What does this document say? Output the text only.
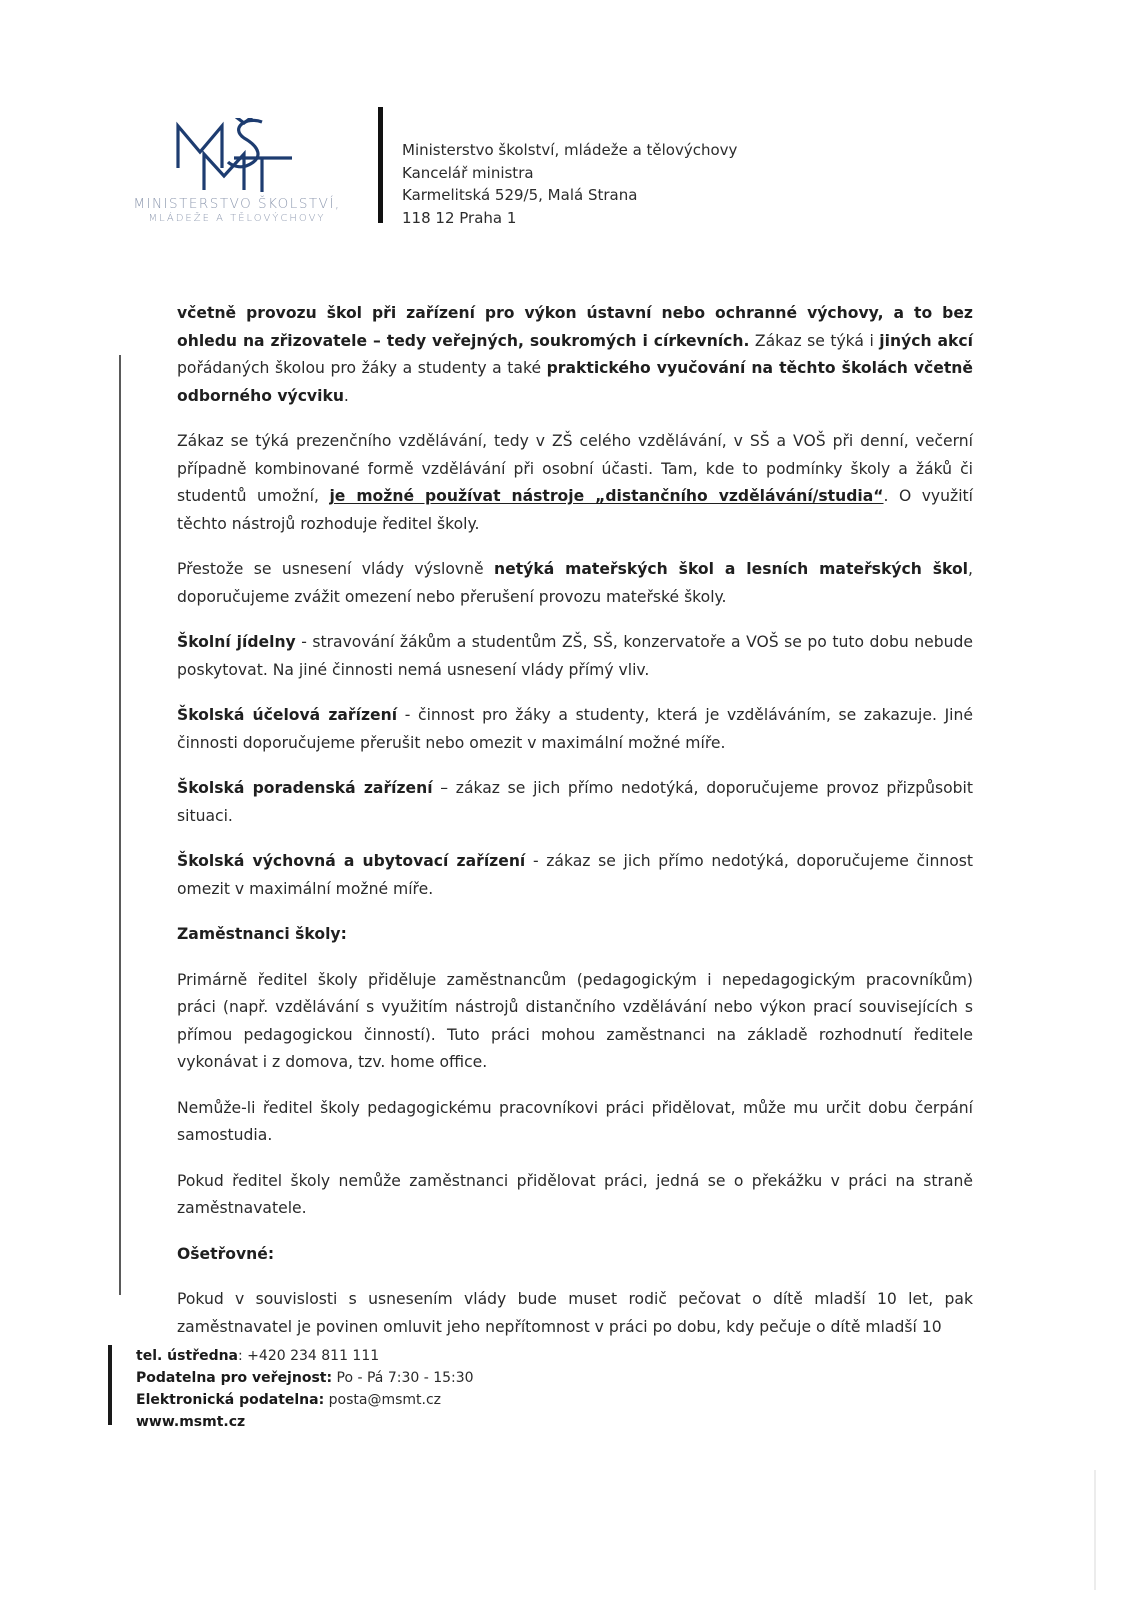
MINISTERSTVO ŠKOLSTVÍ,
MLÁDEŽE A TĚLOVÝCHOVY
Ministerstvo školství, mládeže a tělovýchovy
Kancelář ministra
Karmelitská 529/5, Malá Strana
118 12 Praha 1

včetně provozu škol při zařízení pro výkon ústavní nebo ochranné výchovy, a to bez ohledu na zřizovatele – tedy veřejných, soukromých i církevních. Zákaz se týká i jiných akcí pořádaných školou pro žáky a studenty a také praktického vyučování na těchto školách včetně odborného výcviku.

Zákaz se týká prezenčního vzdělávání, tedy v ZŠ celého vzdělávání, v SŠ a VOŠ při denní, večerní případně kombinované formě vzdělávání při osobní účasti. Tam, kde to podmínky školy a žáků či studentů umožní, je možné používat nástroje „distančního vzdělávání/studia“. O využití těchto nástrojů rozhoduje ředitel školy.

Přestože se usnesení vlády výslovně netýká mateřských škol a lesních mateřských škol, doporučujeme zvážit omezení nebo přerušení provozu mateřské školy.

Školní jídelny - stravování žákům a studentům ZŠ, SŠ, konzervatoře a VOŠ se po tuto dobu nebude poskytovat. Na jiné činnosti nemá usnesení vlády přímý vliv.

Školská účelová zařízení - činnost pro žáky a studenty, která je vzděláváním, se zakazuje. Jiné činnosti doporučujeme přerušit nebo omezit v maximální možné míře.

Školská poradenská zařízení – zákaz se jich přímo nedotýká, doporučujeme provoz přizpůsobit situaci.

Školská výchovná a ubytovací zařízení - zákaz se jich přímo nedotýká, doporučujeme činnost omezit v maximální možné míře.

Zaměstnanci školy:

Primárně ředitel školy přiděluje zaměstnancům (pedagogickým i nepedagogickým pracovníkům) práci (např. vzdělávání s využitím nástrojů distančního vzdělávání nebo výkon prací souvisejících s přímou pedagogickou činností). Tuto práci mohou zaměstnanci na základě rozhodnutí ředitele vykonávat i z domova, tzv. home office.

Nemůže-li ředitel školy pedagogickému pracovníkovi práci přidělovat, může mu určit dobu čerpání samostudia.

Pokud ředitel školy nemůže zaměstnanci přidělovat práci, jedná se o překážku v práci na straně zaměstnavatele.

Ošetřovné:

Pokud v souvislosti s usnesením vlády bude muset rodič pečovat o dítě mladší 10 let, pak zaměstnavatel je povinen omluvit jeho nepřítomnost v práci po dobu, kdy pečuje o dítě mladší 10

tel. ústředna: +420 234 811 111
Podatelna pro veřejnost: Po - Pá 7:30 - 15:30
Elektronická podatelna: posta@msmt.cz
www.msmt.cz
